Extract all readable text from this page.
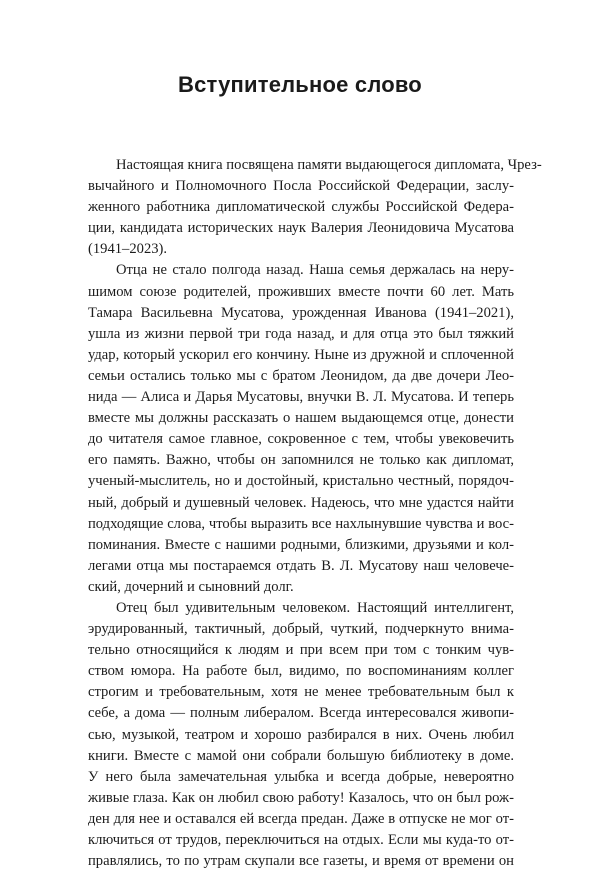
Вступительное слово
Настоящая книга посвящена памяти выдающегося дипломата, Чрез-
вычайного и Полномочного Посла Российской Федерации, заслу-
женного работника дипломатической службы Российской Федера-
ции, кандидата исторических наук Валерия Леонидовича Мусатова
(1941–2023).
Отца не стало полгода назад. Наша семья держалась на неру-
шимом союзе родителей, проживших вместе почти 60 лет. Мать
Тамара Васильевна Мусатова, урожденная Иванова (1941–2021),
ушла из жизни первой три года назад, и для отца это был тяжкий
удар, который ускорил его кончину. Ныне из дружной и сплоченной
семьи остались только мы с братом Леонидом, да две дочери Лео-
нида — Алиса и Дарья Мусатовы, внучки В. Л. Мусатова. И теперь
вместе мы должны рассказать о нашем выдающемся отце, донести
до читателя самое главное, сокровенное с тем, чтобы увековечить
его память. Важно, чтобы он запомнился не только как дипломат,
ученый-мыслитель, но и достойный, кристально честный, порядоч-
ный, добрый и душевный человек. Надеюсь, что мне удастся найти
подходящие слова, чтобы выразить все нахлынувшие чувства и вос-
поминания. Вместе с нашими родными, близкими, друзьями и кол-
легами отца мы постараемся отдать В. Л. Мусатову наш человече-
ский, дочерний и сыновний долг.
Отец был удивительным человеком. Настоящий интеллигент,
эрудированный, тактичный, добрый, чуткий, подчеркнуто внима-
тельно относящийся к людям и при всем при том с тонким чув-
ством юмора. На работе был, видимо, по воспоминаниям коллег
строгим и требовательным, хотя не менее требовательным был к
себе, а дома — полным либералом. Всегда интересовался живопи-
сью, музыкой, театром и хорошо разбирался в них. Очень любил
книги. Вместе с мамой они собрали большую библиотеку в доме.
У него была замечательная улыбка и всегда добрые, невероятно
живые глаза. Как он любил свою работу! Казалось, что он был рож-
ден для нее и оставался ей всегда предан. Даже в отпуске не мог от-
ключиться от трудов, переключиться на отдых. Если мы куда-то от-
правлялись, то по утрам скупали все газеты, и время от времени он
